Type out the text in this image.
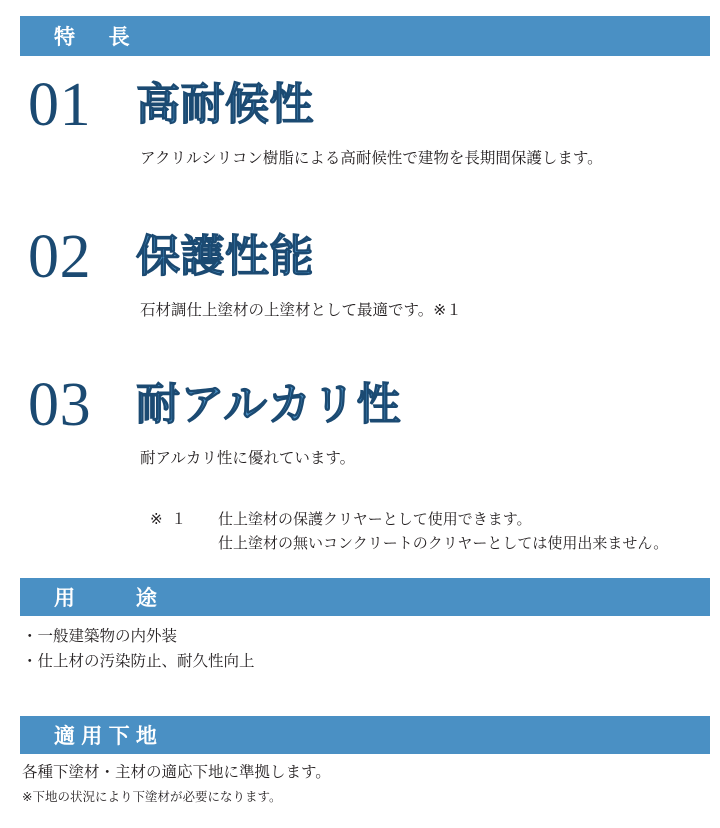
特　長
01	高耐候性
アクリルシリコン樹脂による高耐候性で建物を長期間保護します。
02	保護性能
石材調仕上塗材の上塗材として最適です。※１
03	耐アルカリ性
耐アルカリ性に優れています。
※ １	仕上塗材の保護クリヤーとして使用できます。
仕上塗材の無いコンクリートのクリヤーとしては使用出来ません。
用　　途
・一般建築物の内外装
・仕上材の汚染防止、耐久性向上
適用下地
各種下塗材・主材の適応下地に準拠します。
※下地の状況により下塗材が必要になります。
